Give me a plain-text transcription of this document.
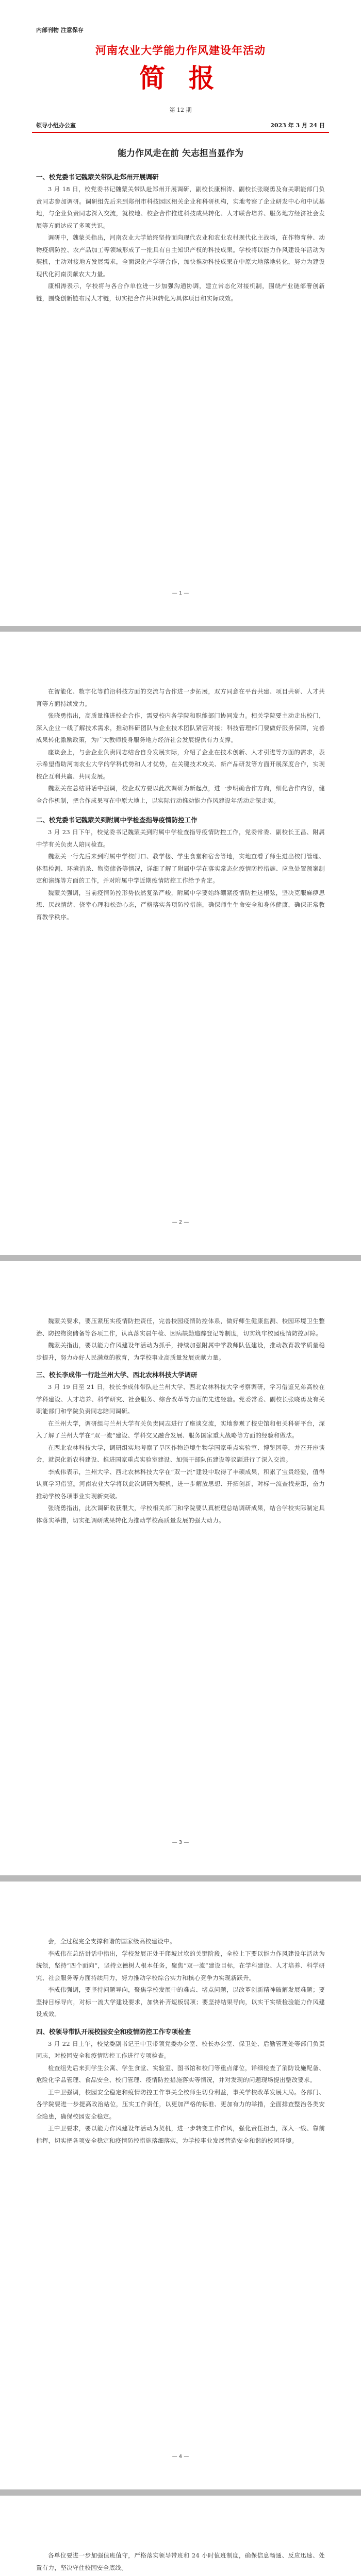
内部刊物 注意保存
河南农业大学能力作风建设年活动
简 报
第 12 期
领导小组办公室	2023 年 3 月 24 日
能力作风走在前 矢志担当显作为
一、校党委书记魏蒙关带队赴郑州开展调研

3 月 18 日，校党委书记魏蒙关带队赴郑州开展调研，副校长康相涛、副校长张晓勇及有关职能部门负责同志参加调研。调研组先后来到郑州市科技园区相关企业和科研机构，实地考察了企业研发中心和中试基地，与企业负责同志深入交流，就校地、校企合作推进科技成果转化、人才联合培养、服务地方经济社会发展等方面达成了多项共识。

调研中，魏蒙关指出，河南农业大学始终坚持面向现代农业和农业农村现代化主战场，在作物育种、动物疫病防控、农产品加工等领域形成了一批具有自主知识产权的科技成果。学校将以能力作风建设年活动为契机，主动对接地方发展需求，全面深化产学研合作，加快推动科技成果在中原大地落地转化，努力为建设现代化河南贡献农大力量。

康相涛表示，学校将与各合作单位进一步加强沟通协调，建立常态化对接机制，围绕产业链部署创新链，围绕创新链布局人才链，切实把合作共识转化为具体项目和实际成效。

— 1 —

在智能化、数字化等前沿科技方面的交流与合作进一步拓展，双方同意在平台共建、项目共研、人才共育等方面持续发力。

张晓勇指出，高质量推进校企合作，需要校内各学院和职能部门协同发力。相关学院要主动走出校门，深入企业一线了解技术需求，推动科研团队与企业技术团队紧密对接；科技管理部门要做好服务保障，完善成果转化激励政策，为广大教师投身服务地方经济社会发展提供有力支撑。

座谈会上，与会企业负责同志结合自身发展实际，介绍了企业在技术创新、人才引进等方面的需求，表示希望借助河南农业大学的学科优势和人才优势，在关键技术攻关、新产品研发等方面开展深度合作，实现校企互利共赢、共同发展。

魏蒙关在总结讲话中强调，校企双方要以此次调研为新起点，进一步明确合作方向，细化合作内容，健全合作机制，把合作成果写在中原大地上，以实际行动推动能力作风建设年活动走深走实。

二、校党委书记魏蒙关到附属中学检查指导疫情防控工作

3 月 23 日下午，校党委书记魏蒙关到附属中学检查指导疫情防控工作，党委常委、副校长王昌、附属中学有关负责人陪同检查。

魏蒙关一行先后来到附属中学校门口、教学楼、学生食堂和宿舍等地，实地查看了师生进出校门管理、体温检测、环境消杀、物资储备等情况，详细了解了附属中学在落实常态化疫情防控措施、应急处置预案制定和演练等方面的工作，并对附属中学近期疫情防控工作给予肯定。

魏蒙关强调，当前疫情防控形势依然复杂严峻，附属中学要始终绷紧疫情防控这根弦，坚决克服麻痹思想、厌战情绪、侥幸心理和松劲心态，严格落实各项防控措施，确保师生生命安全和身体健康，确保正常教育教学秩序。

— 2 —

魏蒙关要求，要压紧压实疫情防控责任，完善校园疫情防控体系，做好师生健康监测、校园环境卫生整治、防控物资储备等各项工作，认真落实晨午检、因病缺勤追踪登记等制度，切实筑牢校园疫情防控屏障。

魏蒙关指出，要以能力作风建设年活动为抓手，持续加强附属中学教师队伍建设，推动教育教学质量稳步提升，努力办好人民满意的教育，为学校事业高质量发展贡献力量。

三、校长李成伟一行赴兰州大学、西北农林科技大学调研

3 月 19 日至 21 日，校长李成伟带队赴兰州大学、西北农林科技大学考察调研，学习借鉴兄弟高校在学科建设、人才培养、科学研究、社会服务、综合改革等方面的先进经验。党委常委、副校长张晓勇及有关职能部门和学院负责同志陪同调研。

在兰州大学，调研组与兰州大学有关负责同志进行了座谈交流，实地参观了校史馆和相关科研平台，深入了解了兰州大学在“双一流”建设、学科交叉融合发展、服务国家重大战略等方面的经验和做法。

在西北农林科技大学，调研组实地考察了旱区作物逆境生物学国家重点实验室、博览园等，并召开座谈会，就深化新农科建设、推进国家重点实验室建设、加强干部队伍建设等议题进行了深入交流。

李成伟表示，兰州大学、西北农林科技大学在“双一流”建设中取得了丰硕成果，积累了宝贵经验，值得认真学习借鉴。河南农业大学将以此次调研为契机，进一步解放思想、开拓创新，对标一流查找差距，奋力推动学校各项事业实现新突破。

张晓勇指出，此次调研收获很大，学校相关部门和学院要认真梳理总结调研成果，结合学校实际制定具体落实举措，切实把调研成果转化为推动学校高质量发展的强大动力。

— 3 —

会，全过程完全支撑和谐的国家级高校建设中。

李成伟在总结讲话中指出，学校发展正处于爬坡过坎的关键阶段，全校上下要以能力作风建设年活动为统领，坚持“四个面向”，坚持立德树人根本任务，聚焦“双一流”建设目标，在学科建设、人才培养、科学研究、社会服务等方面持续用力，努力推动学校综合实力和核心竞争力实现新跃升。

李成伟强调，要坚持问题导向，聚焦学校发展中的难点、堵点问题，以改革创新精神破解发展难题；要坚持目标导向，对标一流大学建设要求，加快补齐短板弱项；要坚持结果导向，以实干实绩检验能力作风建设成效。

四、校领导带队开展校园安全和疫情防控工作专项检查

3 月 22 日上午，校党委副书记王中卫带领党委办公室、校长办公室、保卫处、后勤管理处等部门负责同志，对校园安全和疫情防控工作进行专项检查。

检查组先后来到学生公寓、学生食堂、实验室、图书馆和校门等重点部位，详细检查了消防设施配备、危险化学品管理、食品安全、校门管理、疫情防控措施落实等情况，并对发现的问题现场提出整改要求。

王中卫强调，校园安全稳定和疫情防控工作事关全校师生切身利益，事关学校改革发展大局。各部门、各学院要进一步提高政治站位，压实工作责任，以更加严格的标准、更加有力的举措，全面排查整治各类安全隐患，确保校园安全稳定。

王中卫要求，要以能力作风建设年活动为契机，进一步转变工作作风，强化责任担当，深入一线、靠前指挥，切实把各项安全稳定和疫情防控措施落细落实，为学校事业发展营造安全和谐的校园环境。

— 4 —

各单位要进一步加强值班值守，严格落实领导带班和 24 小时值班制度，确保信息畅通、反应迅速、处置有力，坚决守住校园安全底线。
